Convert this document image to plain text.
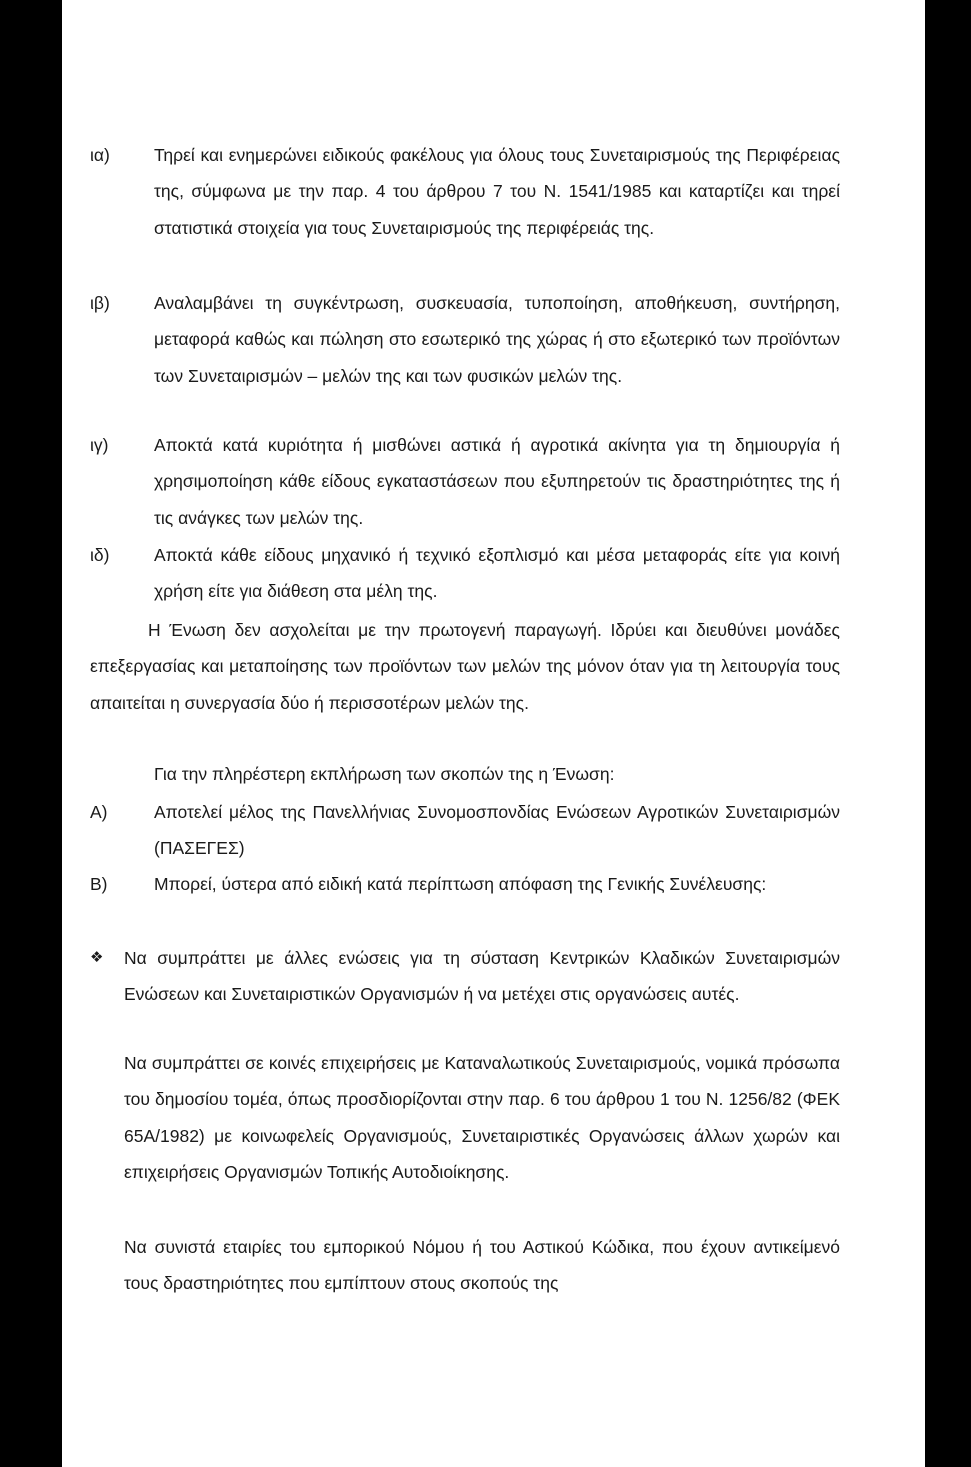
ια)	Τηρεί και ενημερώνει ειδικούς φακέλους για όλους τους Συνεταιρισμούς της Περιφέρειας της, σύμφωνα με την παρ. 4 του άρθρου 7 του Ν. 1541/1985 και καταρτίζει και τηρεί στατιστικά στοιχεία για τους Συνεταιρισμούς της περιφέρειάς της.
ιβ)	Αναλαμβάνει τη συγκέντρωση, συσκευασία, τυποποίηση, αποθήκευση, συντήρηση, μεταφορά καθώς και πώληση στο εσωτερικό της χώρας ή στο εξωτερικό των προϊόντων των Συνεταιρισμών – μελών της και των φυσικών μελών της.
ιγ)	Αποκτά κατά κυριότητα ή μισθώνει αστικά ή αγροτικά ακίνητα για τη δημιουργία ή χρησιμοποίηση κάθε είδους εγκαταστάσεων που εξυπηρετούν τις δραστηριότητες της ή τις ανάγκες των μελών της.
ιδ)	Αποκτά κάθε είδους μηχανικό ή τεχνικό εξοπλισμό και μέσα μεταφοράς είτε για κοινή χρήση είτε για διάθεση στα μέλη της.
Η Ένωση δεν ασχολείται με την πρωτογενή παραγωγή. Ιδρύει και διευθύνει μονάδες επεξεργασίας και μεταποίησης των προϊόντων των μελών της μόνον όταν για τη λειτουργία τους απαιτείται η συνεργασία δύο ή περισσοτέρων μελών της.
Για την πληρέστερη εκπλήρωση των σκοπών της η Ένωση:
Α)	Αποτελεί μέλος της Πανελλήνιας Συνομοσπονδίας Ενώσεων Αγροτικών Συνεταιρισμών (ΠΑΣΕΓΕΣ)
Β)	Μπορεί, ύστερα από ειδική κατά περίπτωση απόφαση της Γενικής Συνέλευσης:
❖ Να συμπράττει με άλλες ενώσεις για τη σύσταση Κεντρικών Κλαδικών Συνεταιρισμών Ενώσεων και Συνεταιριστικών Οργανισμών ή να μετέχει στις οργανώσεις αυτές.
Να συμπράττει σε κοινές επιχειρήσεις με Καταναλωτικούς Συνεταιρισμούς, νομικά πρόσωπα του δημοσίου τομέα, όπως προσδιορίζονται στην παρ. 6 του άρθρου 1 του Ν. 1256/82 (ΦΕΚ 65Α/1982) με κοινωφελείς Οργανισμούς, Συνεταιριστικές Οργανώσεις άλλων χωρών και επιχειρήσεις Οργανισμών Τοπικής Αυτοδιοίκησης.
Να συνιστά εταιρίες του εμπορικού Νόμου ή του Αστικού Κώδικα, που έχουν αντικείμενό τους δραστηριότητες που εμπίπτουν στους σκοπούς της
